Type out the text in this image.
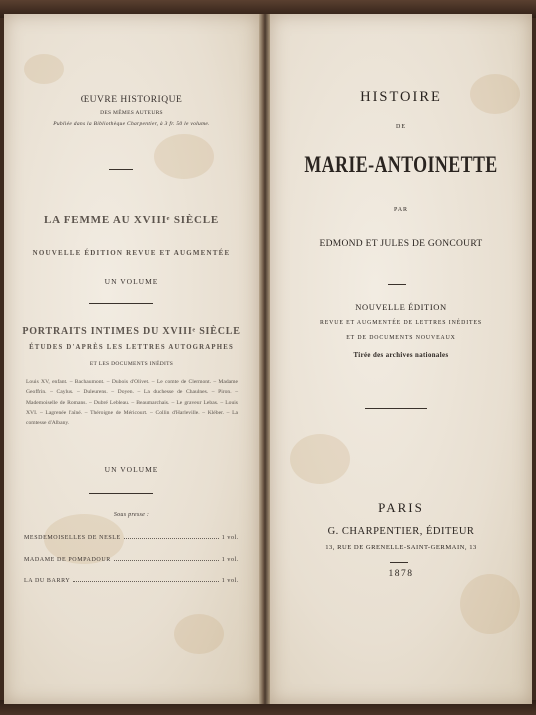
ŒUVRE HISTORIQUE
DES MÊMES AUTEURS
Publiée dans la Bibliothèque Charpentier, à 3 fr. 50 le volume.
LA FEMME AU XVIIIᵉ SIÈCLE
NOUVELLE ÉDITION REVUE ET AUGMENTÉE
UN VOLUME
PORTRAITS INTIMES DU XVIIIᵉ SIÈCLE
ÉTUDES D'APRÈS LES LETTRES AUTOGRAPHES
ET LES DOCUMENTS INÉDITS
Louis XV, enfant. – Bachaumont. – Dubois d'Olivet. – Le comte de Clermont. – Madame Geoffrin. – Caylus. – Duleurens. – Doyen. – La duchesse de Chaulnes. – Piron. – Mademoiselle de Romans. – Dubré Lebleau. – Beaumarchais. – Le graveur Lebas. – Louis XVI. – Lagrenée l'aîné. – Théroigne de Méricourt. – Collin d'Harleville. – Kléber. – La comtesse d'Albany.
UN VOLUME
Sous presse :
MESDEMOISELLES DE NESLE	1 vol.
MADAME DE POMPADOUR	1 vol.
LA DU BARRY	1 vol.
HISTOIRE
DE
MARIE-ANTOINETTE
PAR
EDMOND ET JULES DE GONCOURT
NOUVELLE ÉDITION
REVUE ET AUGMENTÉE DE LETTRES INÉDITES
ET DE DOCUMENTS NOUVEAUX
Tirée des archives nationales
PARIS
G. CHARPENTIER, ÉDITEUR
13, RUE DE GRENELLE-SAINT-GERMAIN, 13
1878
